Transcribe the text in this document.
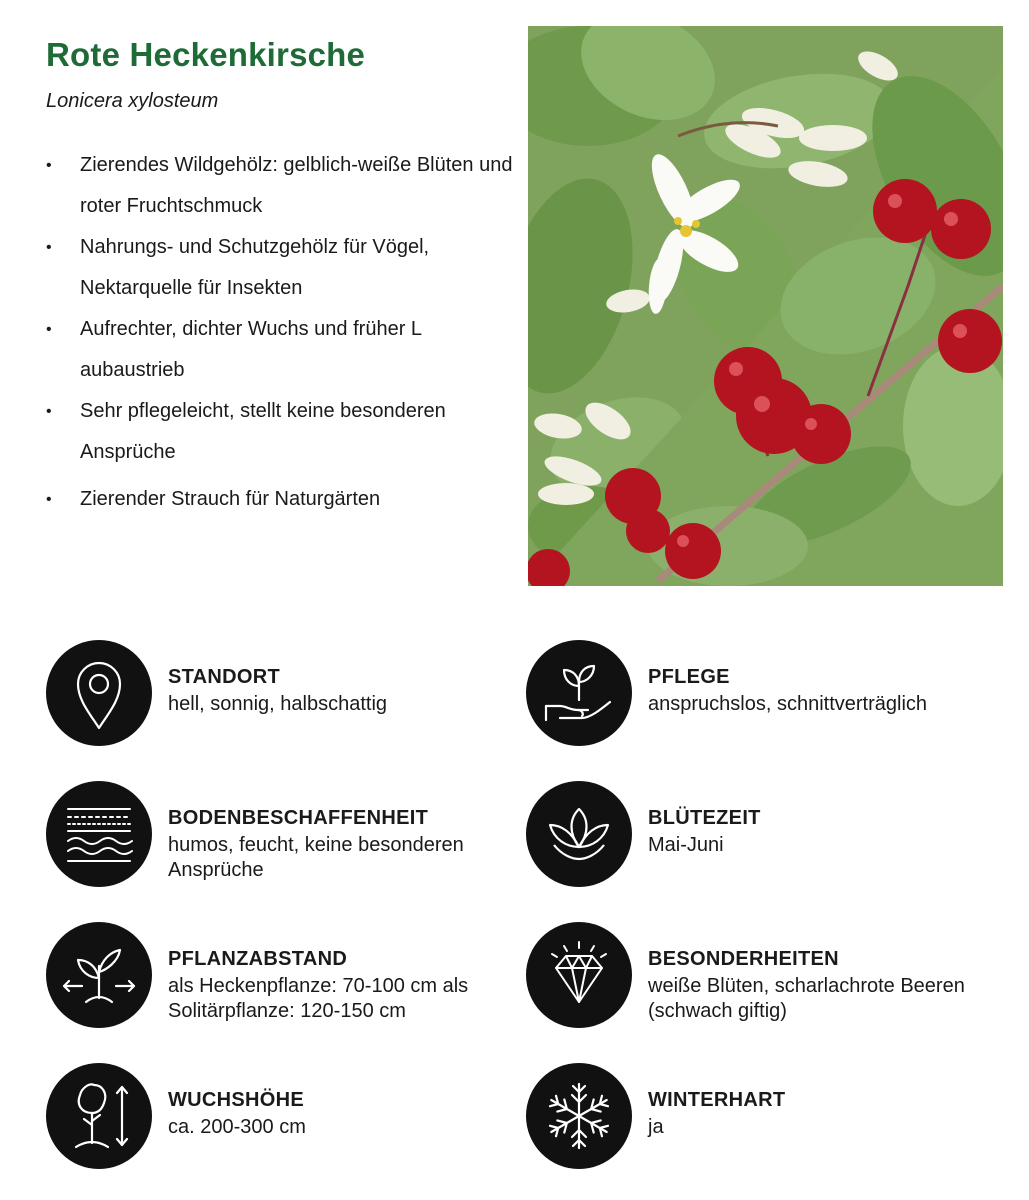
Rote Heckenkirsche
Lonicera xylosteum
• Zierendes Wildgehölz: gelblich-weiße Blüten und roter Fruchtschmuck
• Nahrungs- und Schutzgehölz für Vögel, Nektarquelle für Insekten
• Aufrechter, dichter Wuchs und früher L aubaustrieb
• Sehr pflegeleicht, stellt keine besonderen Ansprüche
• Zierender Strauch für Naturgärten
STANDORT
hell, sonnig, halbschattig
PFLEGE
anspruchslos, schnittverträglich
BODENBESCHAFFENHEIT
humos, feucht, keine besonderen Ansprüche
BLÜTEZEIT
Mai-Juni
PFLANZABSTAND
als Heckenpflanze: 70-100 cm als Solitärpflanze: 120-150 cm
BESONDERHEITEN
weiße Blüten, scharlachrote Beeren (schwach giftig)
WUCHSHÖHE
ca. 200-300 cm
WINTERHART
ja
